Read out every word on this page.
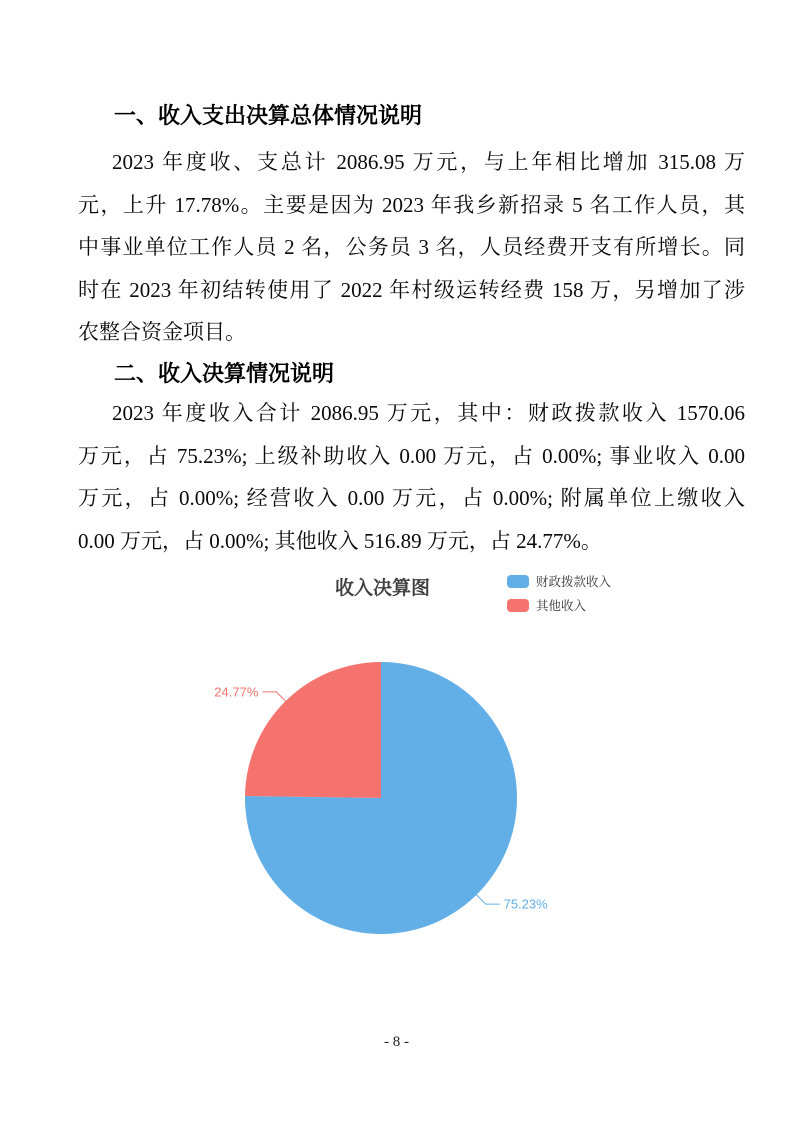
一、收入支出决算总体情况说明
2023 年度收、支总计 2086.95 万元，与上年相比增加 315.08 万
元，上升 17.78%。主要是因为 2023 年我乡新招录 5 名工作人员，其
中事业单位工作人员 2 名，公务员 3 名，人员经费开支有所增长。同
时在 2023 年初结转使用了 2022 年村级运转经费 158 万，另增加了涉
农整合资金项目。
二、收入决算情况说明
2023 年度收入合计 2086.95 万元，其中：财政拨款收入 1570.06
万元，占 75.23%; 上级补助收入 0.00 万元，占 0.00%; 事业收入 0.00
万元，占 0.00%; 经营收入 0.00 万元，占 0.00%; 附属单位上缴收入
0.00 万元，占 0.00%; 其他收入 516.89 万元，占 24.77%。
收入决算图	财政拨款收入
其他收入
75.23%
24.77%
- 8 -
